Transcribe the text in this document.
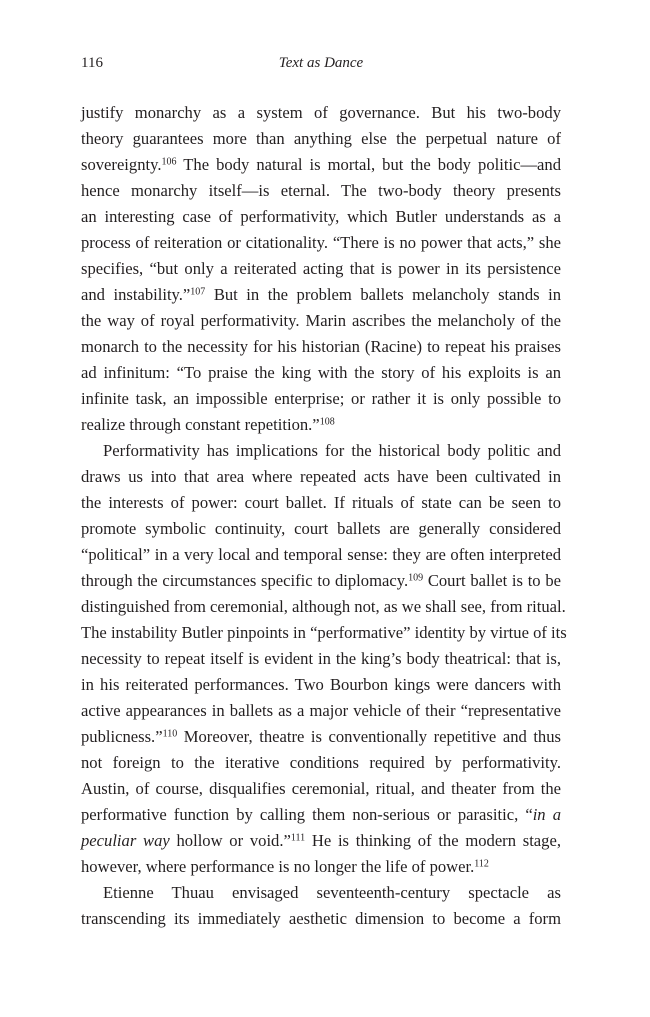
116	Text as Dance
justify monarchy as a system of governance. But his two-body
theory guarantees more than anything else the perpetual nature of
sovereignty.$^{106}$ The body natural is mortal, but the body politic—and
hence monarchy itself—is eternal. The two-body theory presents
an interesting case of performativity, which Butler understands as a
process of reiteration or citationality. “There is no power that acts,” she
specifies, “but only a reiterated acting that is power in its persistence
and instability.”$^{107}$ But in the problem ballets melancholy stands in
the way of royal performativity. Marin ascribes the melancholy of the
monarch to the necessity for his historian (Racine) to repeat his praises
ad infinitum: “To praise the king with the story of his exploits is an
infinite task, an impossible enterprise; or rather it is only possible to
realize through constant repetition.”$^{108}$
Performativity has implications for the historical body politic and
draws us into that area where repeated acts have been cultivated in
the interests of power: court ballet. If rituals of state can be seen to
promote symbolic continuity, court ballets are generally considered
“political” in a very local and temporal sense: they are often interpreted
through the circumstances specific to diplomacy.$^{109}$ Court ballet is to be
distinguished from ceremonial, although not, as we shall see, from ritual.
The instability Butler pinpoints in “performative” identity by virtue of its
necessity to repeat itself is evident in the king’s body theatrical: that is,
in his reiterated performances. Two Bourbon kings were dancers with
active appearances in ballets as a major vehicle of their “representative
publicness.”$^{110}$ Moreover, theatre is conventionally repetitive and thus
not foreign to the iterative conditions required by performativity.
Austin, of course, disqualifies ceremonial, ritual, and theater from the
performative function by calling them non-serious or parasitic, “in a
peculiar way hollow or void.”$^{111}$ He is thinking of the modern stage,
however, where performance is no longer the life of power.$^{112}$
Etienne Thuau envisaged seventeenth-century spectacle as
transcending its immediately aesthetic dimension to become a form
